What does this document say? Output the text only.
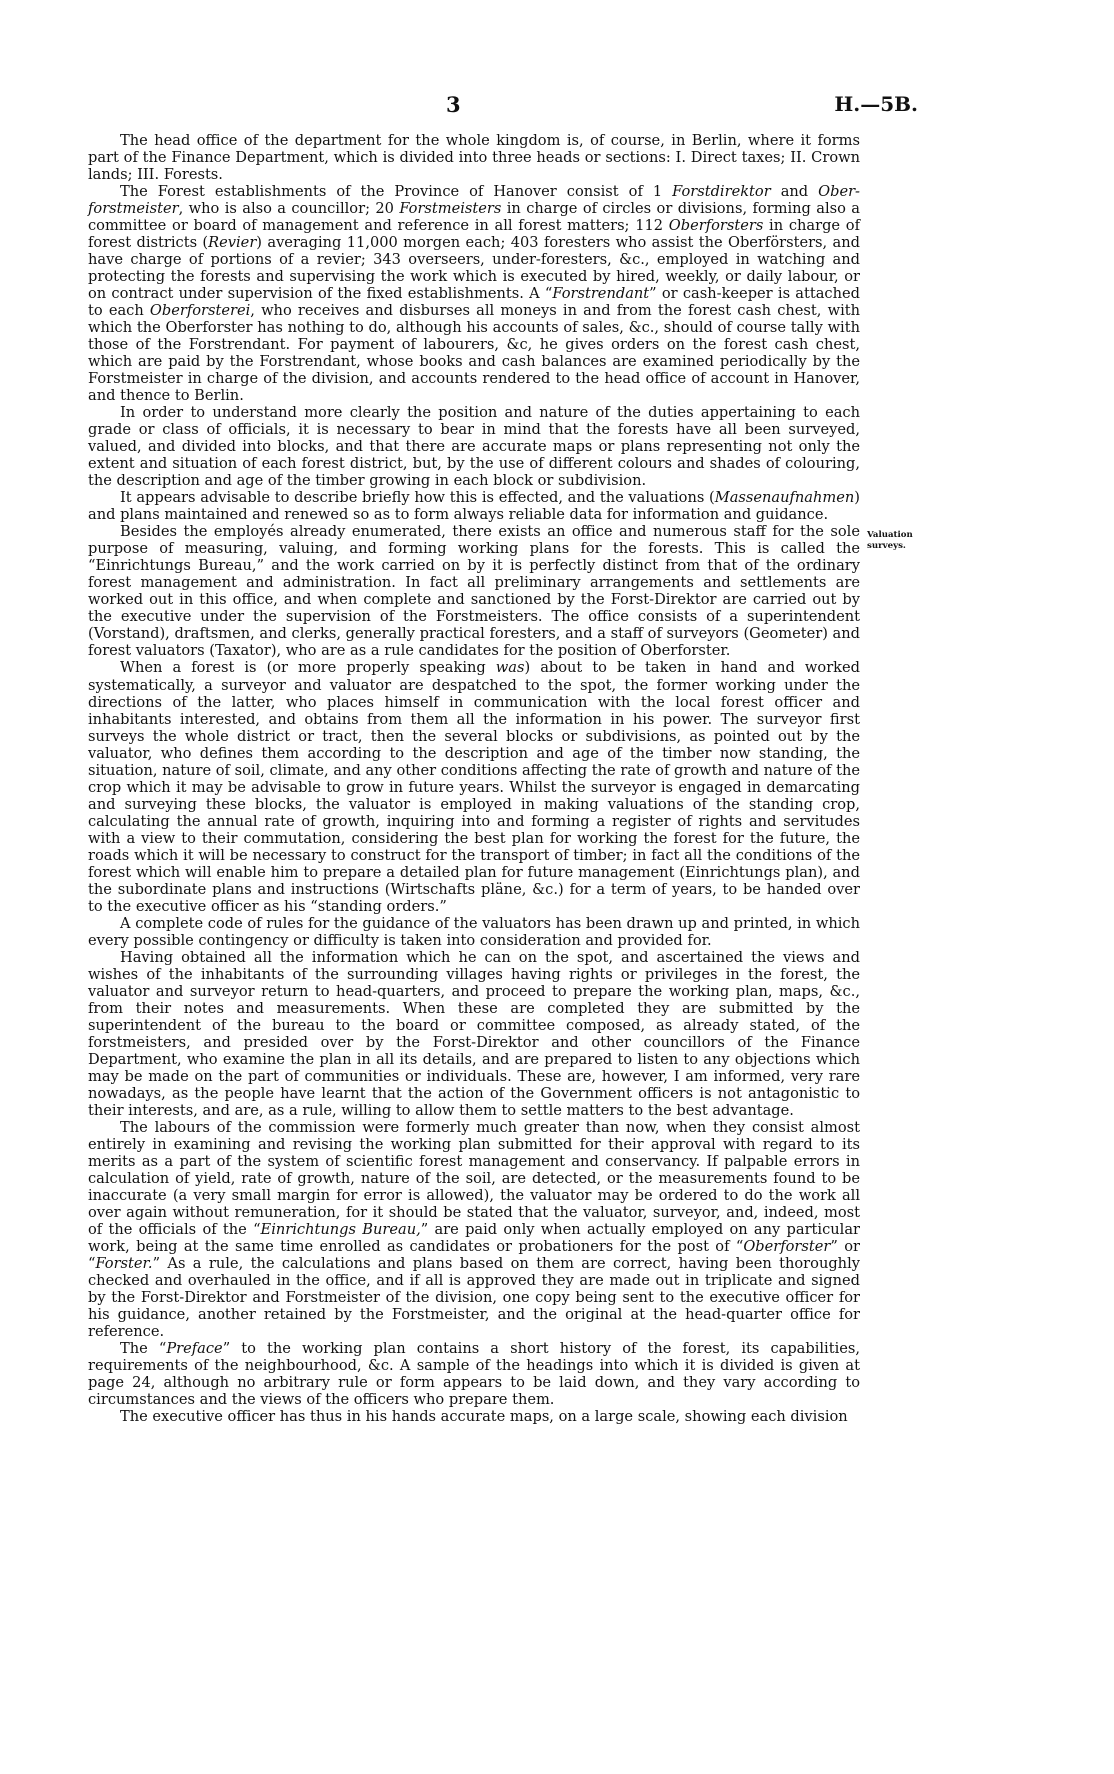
3	H.—5B.

The head office of the department for the whole kingdom is, of course, in Berlin, where it forms part of the Finance Department, which is divided into three heads or sections: I. Direct taxes; II. Crown lands; III. Forests.

The Forest establishments of the Province of Hanover consist of 1 Forstdirektor and Ober-forstmeister, who is also a councillor; 20 Forstmeisters in charge of circles or divisions, forming also a committee or board of management and reference in all forest matters; 112 Oberforsters in charge of forest districts (Revier) averaging 11,000 morgen each; 403 foresters who assist the Oberförsters, and have charge of portions of a revier; 343 overseers, under-foresters, &c., employed in watching and protecting the forests and supervising the work which is executed by hired, weekly, or daily labour, or on contract under supervision of the fixed establishments. A “Forstrendant” or cash-keeper is attached to each Oberforsterei, who receives and disburses all moneys in and from the forest cash chest, with which the Oberforster has nothing to do, although his accounts of sales, &c., should of course tally with those of the Forstrendant. For payment of labourers, &c, he gives orders on the forest cash chest, which are paid by the Forstrendant, whose books and cash balances are examined periodically by the Forstmeister in charge of the division, and accounts rendered to the head office of account in Hanover, and thence to Berlin.

In order to understand more clearly the position and nature of the duties appertaining to each grade or class of officials, it is necessary to bear in mind that the forests have all been surveyed, valued, and divided into blocks, and that there are accurate maps or plans representing not only the extent and situation of each forest district, but, by the use of different colours and shades of colouring, the description and age of the timber growing in each block or subdivision.

It appears advisable to describe briefly how this is effected, and the valuations (Massenaufnahmen) and plans maintained and renewed so as to form always reliable data for information and guidance.

Besides the employés already enumerated, there exists an office and numerous staff for the sole purpose of measuring, valuing, and forming working plans for the forests. This is called the “Einrichtungs Bureau,” and the work carried on by it is perfectly distinct from that of the ordinary forest management and administration. In fact all preliminary arrangements and settlements are worked out in this office, and when complete and sanctioned by the Forst-Direktor are carried out by the executive under the supervision of the Forstmeisters. The office consists of a superintendent (Vorstand), draftsmen, and clerks, generally practical foresters, and a staff of surveyors (Geometer) and forest valuators (Taxator), who are as a rule candidates for the position of Oberforster.

When a forest is (or more properly speaking was) about to be taken in hand and worked systematically, a surveyor and valuator are despatched to the spot, the former working under the directions of the latter, who places himself in communication with the local forest officer and inhabitants interested, and obtains from them all the information in his power. The surveyor first surveys the whole district or tract, then the several blocks or subdivisions, as pointed out by the valuator, who defines them according to the description and age of the timber now standing, the situation, nature of soil, climate, and any other conditions affecting the rate of growth and nature of the crop which it may be advisable to grow in future years. Whilst the surveyor is engaged in demarcating and surveying these blocks, the valuator is employed in making valuations of the standing crop, calculating the annual rate of growth, inquiring into and forming a register of rights and servitudes with a view to their commutation, considering the best plan for working the forest for the future, the roads which it will be necessary to construct for the transport of timber; in fact all the conditions of the forest which will enable him to prepare a detailed plan for future management (Einrichtungs plan), and the subordinate plans and instructions (Wirtschafts pläne, &c.) for a term of years, to be handed over to the executive officer as his “standing orders.”

A complete code of rules for the guidance of the valuators has been drawn up and printed, in which every possible contingency or difficulty is taken into consideration and provided for.

Having obtained all the information which he can on the spot, and ascertained the views and wishes of the inhabitants of the surrounding villages having rights or privileges in the forest, the valuator and surveyor return to head-quarters, and proceed to prepare the working plan, maps, &c., from their notes and measurements. When these are completed they are submitted by the superintendent of the bureau to the board or committee composed, as already stated, of the forstmeisters, and presided over by the Forst-Direktor and other councillors of the Finance Department, who examine the plan in all its details, and are prepared to listen to any objections which may be made on the part of communities or individuals. These are, however, I am informed, very rare nowadays, as the people have learnt that the action of the Government officers is not antagonistic to their interests, and are, as a rule, willing to allow them to settle matters to the best advantage.

The labours of the commission were formerly much greater than now, when they consist almost entirely in examining and revising the working plan submitted for their approval with regard to its merits as a part of the system of scientific forest management and conservancy. If palpable errors in calculation of yield, rate of growth, nature of the soil, are detected, or the measurements found to be inaccurate (a very small margin for error is allowed), the valuator may be ordered to do the work all over again without remuneration, for it should be stated that the valuator, surveyor, and, indeed, most of the officials of the “Einrichtungs Bureau,” are paid only when actually employed on any particular work, being at the same time enrolled as candidates or probationers for the post of “Oberforster” or “Forster.” As a rule, the calculations and plans based on them are correct, having been thoroughly checked and overhauled in the office, and if all is approved they are made out in triplicate and signed by the Forst-Direktor and Forstmeister of the division, one copy being sent to the executive officer for his guidance, another retained by the Forstmeister, and the original at the head-quarter office for reference.

The “Preface” to the working plan contains a short history of the forest, its capabilities, requirements of the neighbourhood, &c. A sample of the headings into which it is divided is given at page 24, although no arbitrary rule or form appears to be laid down, and they vary according to circumstances and the views of the officers who prepare them.

The executive officer has thus in his hands accurate maps, on a large scale, showing each division

Valuation surveys.
